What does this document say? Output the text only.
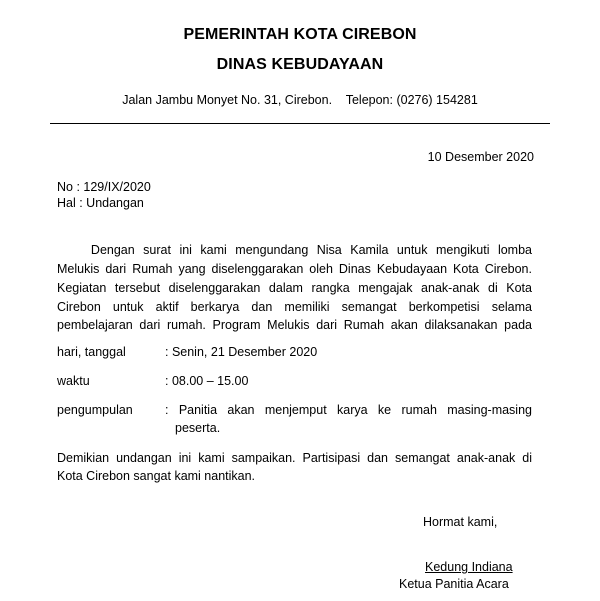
PEMERINTAH KOTA CIREBON
DINAS KEBUDAYAAN
Jalan Jambu Monyet No. 31, Cirebon.    Telepon: (0276) 154281
10 Desember 2020
No : 129/IX/2020
Hal : Undangan
Dengan surat ini kami mengundang Nisa Kamila untuk mengikuti lomba
Melukis dari Rumah yang diselenggarakan oleh Dinas Kebudayaan Kota Cirebon.
Kegiatan tersebut diselenggarakan dalam rangka mengajak anak-anak di Kota
Cirebon untuk aktif berkarya dan memiliki semangat berkompetisi selama
pembelajaran dari rumah. Program Melukis dari Rumah akan dilaksanakan pada
hari, tanggal	: Senin, 21 Desember 2020
waktu	: 08.00 – 15.00
pengumpulan	: Panitia akan menjemput karya ke rumah masing-masing
peserta.
Demikian undangan ini kami sampaikan. Partisipasi dan semangat anak-anak di
Kota Cirebon sangat kami nantikan.
Hormat kami,
Kedung Indiana
Ketua Panitia Acara
